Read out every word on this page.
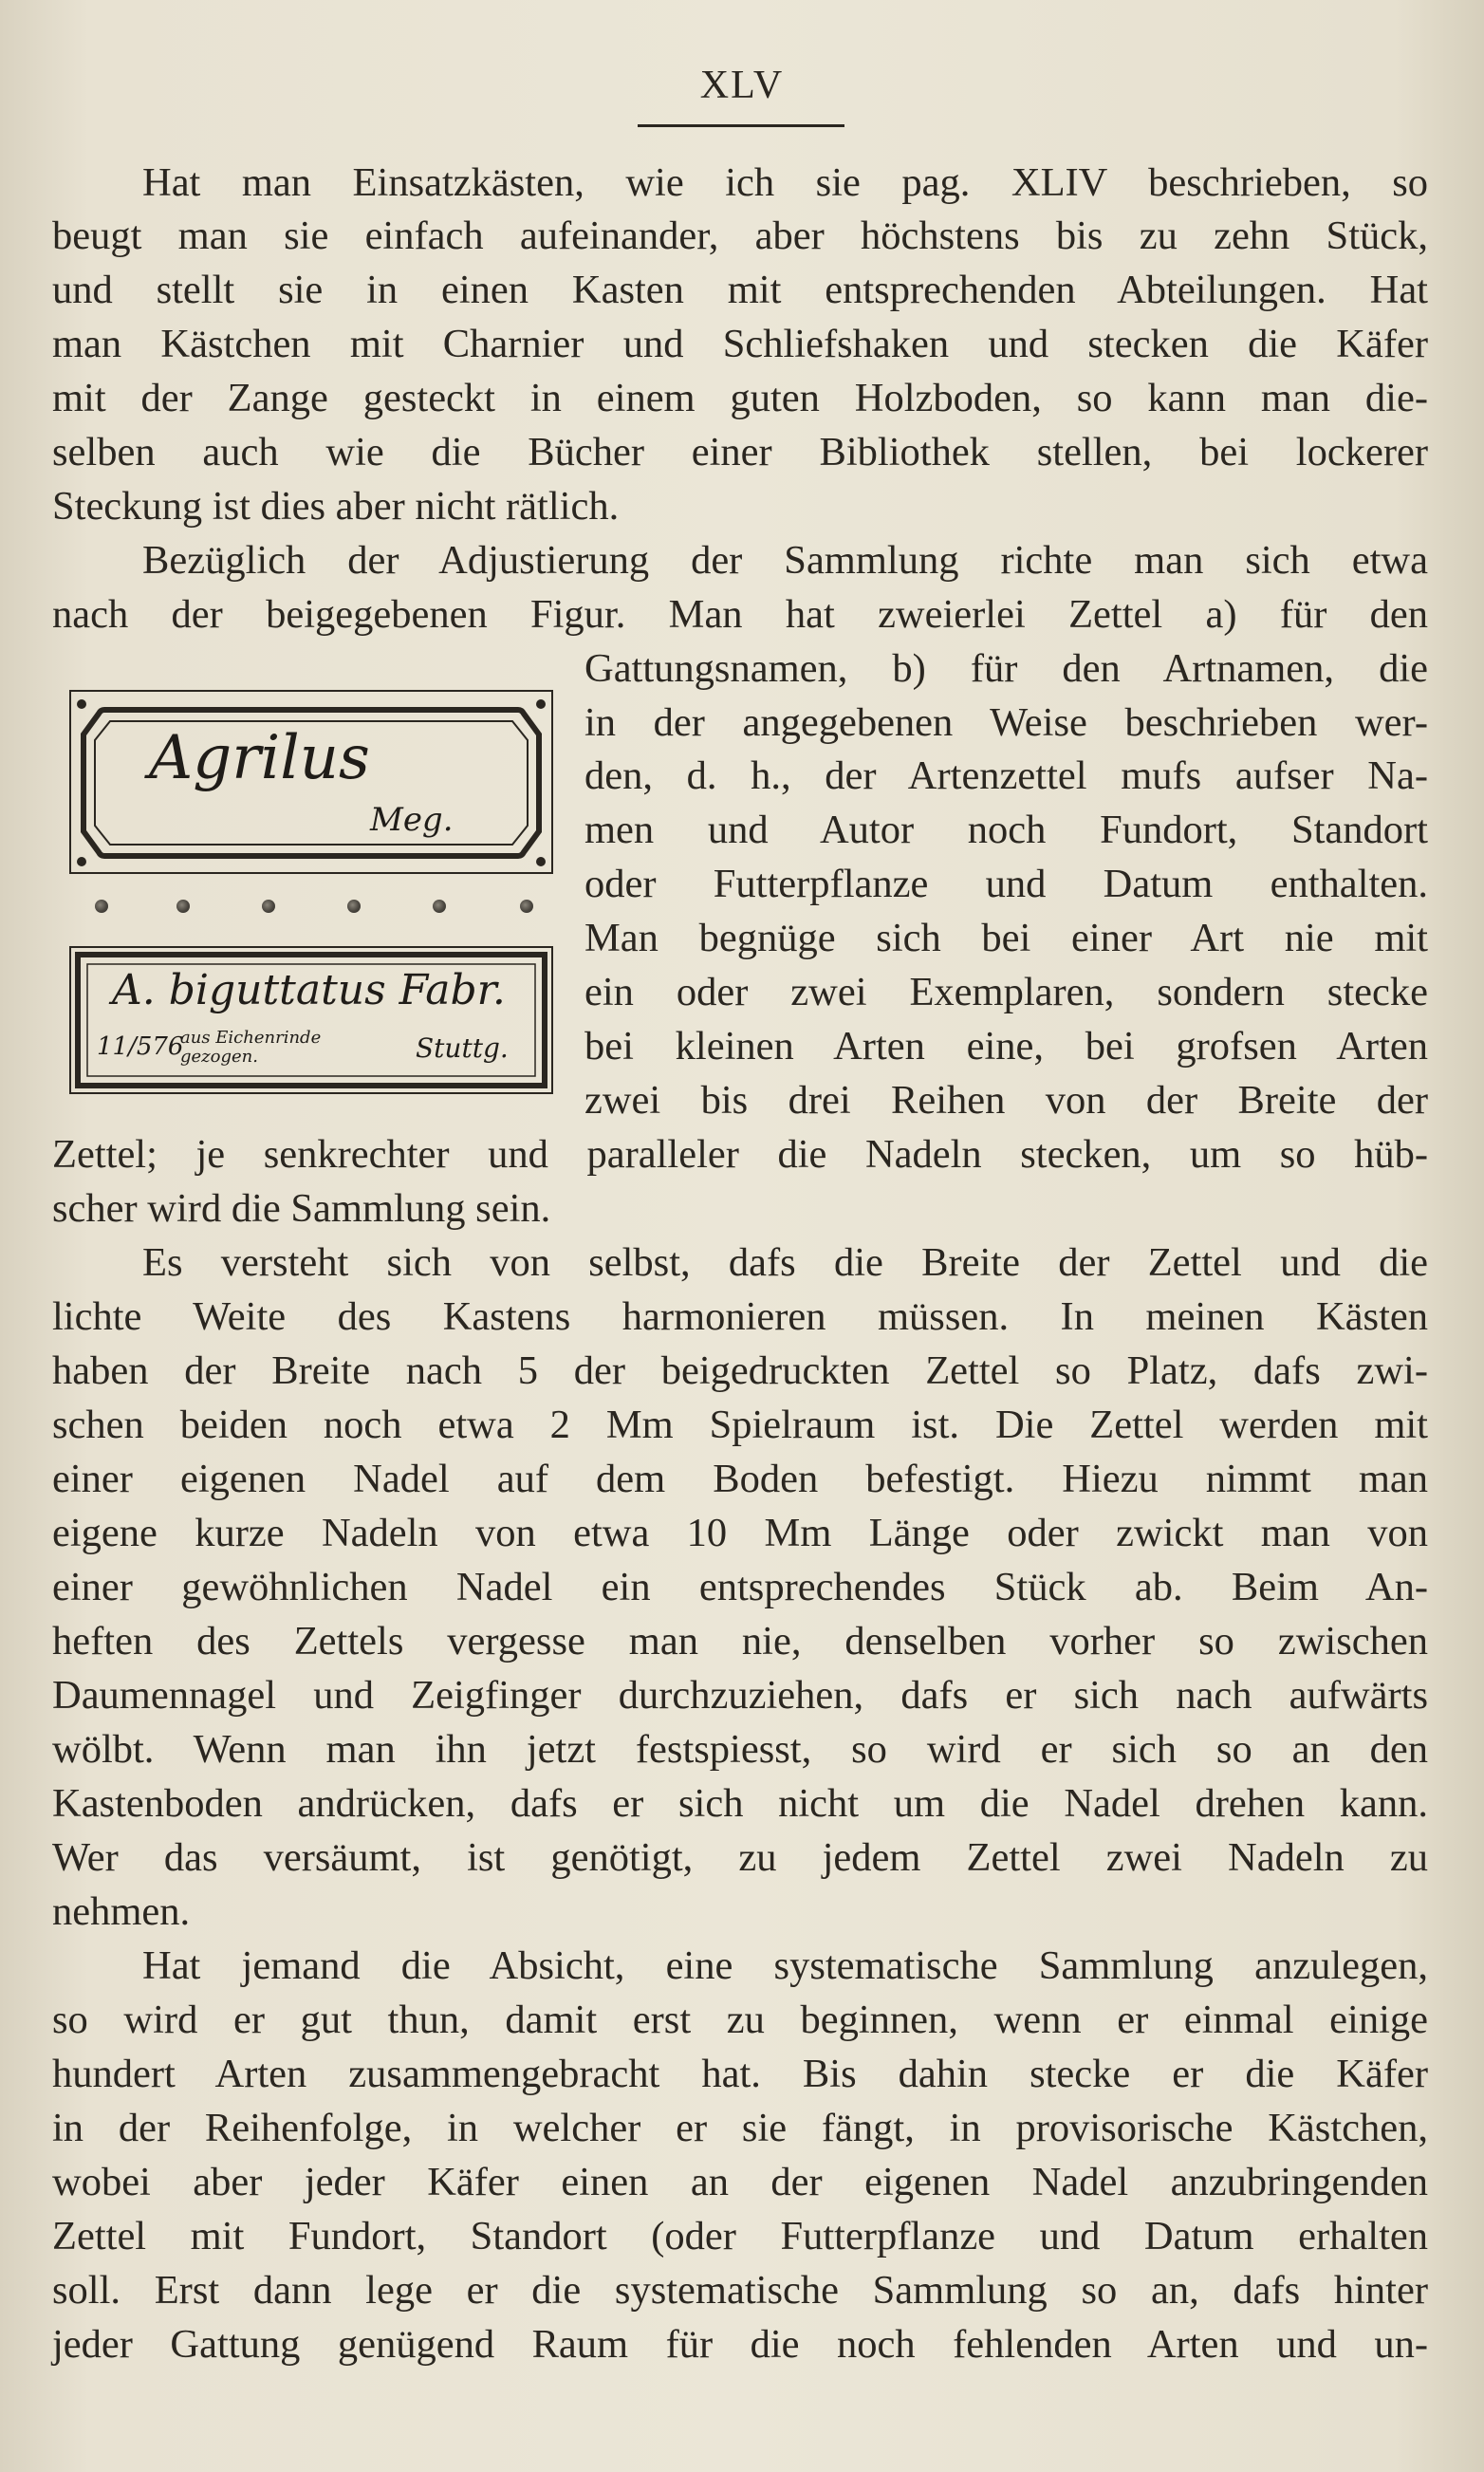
XLV
Hat man Einsatzkästen, wie ich sie pag. XLIV beschrieben, so
beugt man sie einfach aufeinander, aber höchstens bis zu zehn Stück,
und stellt sie in einen Kasten mit entsprechenden Abteilungen. Hat
man Kästchen mit Charnier und Schliefshaken und stecken die Käfer
mit der Zange gesteckt in einem guten Holzboden, so kann man die-
selben auch wie die Bücher einer Bibliothek stellen, bei lockerer
Steckung ist dies aber nicht rätlich.
Bezüglich der Adjustierung der Sammlung richte man sich etwa
nach der beigegebenen Figur. Man hat zweierlei Zettel a) für den
Gattungsnamen, b) für den Artnamen, die
in der angegebenen Weise beschrieben wer-
den, d. h., der Artenzettel mufs aufser Na-
men und Autor noch Fundort, Standort
oder Futterpflanze und Datum enthalten.
Man begnüge sich bei einer Art nie mit
ein oder zwei Exemplaren, sondern stecke
bei kleinen Arten eine, bei grofsen Arten
zwei bis drei Reihen von der Breite der
Zettel; je senkrechter und paralleler die Nadeln stecken, um so hüb-
scher wird die Sammlung sein.
Es versteht sich von selbst, dafs die Breite der Zettel und die
lichte Weite des Kastens harmonieren müssen. In meinen Kästen
haben der Breite nach 5 der beigedruckten Zettel so Platz, dafs zwi-
schen beiden noch etwa 2 Mm Spielraum ist. Die Zettel werden mit
einer eigenen Nadel auf dem Boden befestigt. Hiezu nimmt man
eigene kurze Nadeln von etwa 10 Mm Länge oder zwickt man von
einer gewöhnlichen Nadel ein entsprechendes Stück ab. Beim An-
heften des Zettels vergesse man nie, denselben vorher so zwischen
Daumennagel und Zeigfinger durchzuziehen, dafs er sich nach aufwärts
wölbt. Wenn man ihn jetzt festspiesst, so wird er sich so an den
Kastenboden andrücken, dafs er sich nicht um die Nadel drehen kann.
Wer das versäumt, ist genötigt, zu jedem Zettel zwei Nadeln zu
nehmen.
Hat jemand die Absicht, eine systematische Sammlung anzulegen,
so wird er gut thun, damit erst zu beginnen, wenn er einmal einige
hundert Arten zusammengebracht hat. Bis dahin stecke er die Käfer
in der Reihenfolge, in welcher er sie fängt, in provisorische Kästchen,
wobei aber jeder Käfer einen an der eigenen Nadel anzubringenden
Zettel mit Fundort, Standort (oder Futterpflanze und Datum erhalten
soll. Erst dann lege er die systematische Sammlung so an, dafs hinter
jeder Gattung genügend Raum für die noch fehlenden Arten und un-
Agrilus
Meg.
A. biguttatus Fabr.
11/576
aus Eichenrinde gezogen.	Stuttg.
